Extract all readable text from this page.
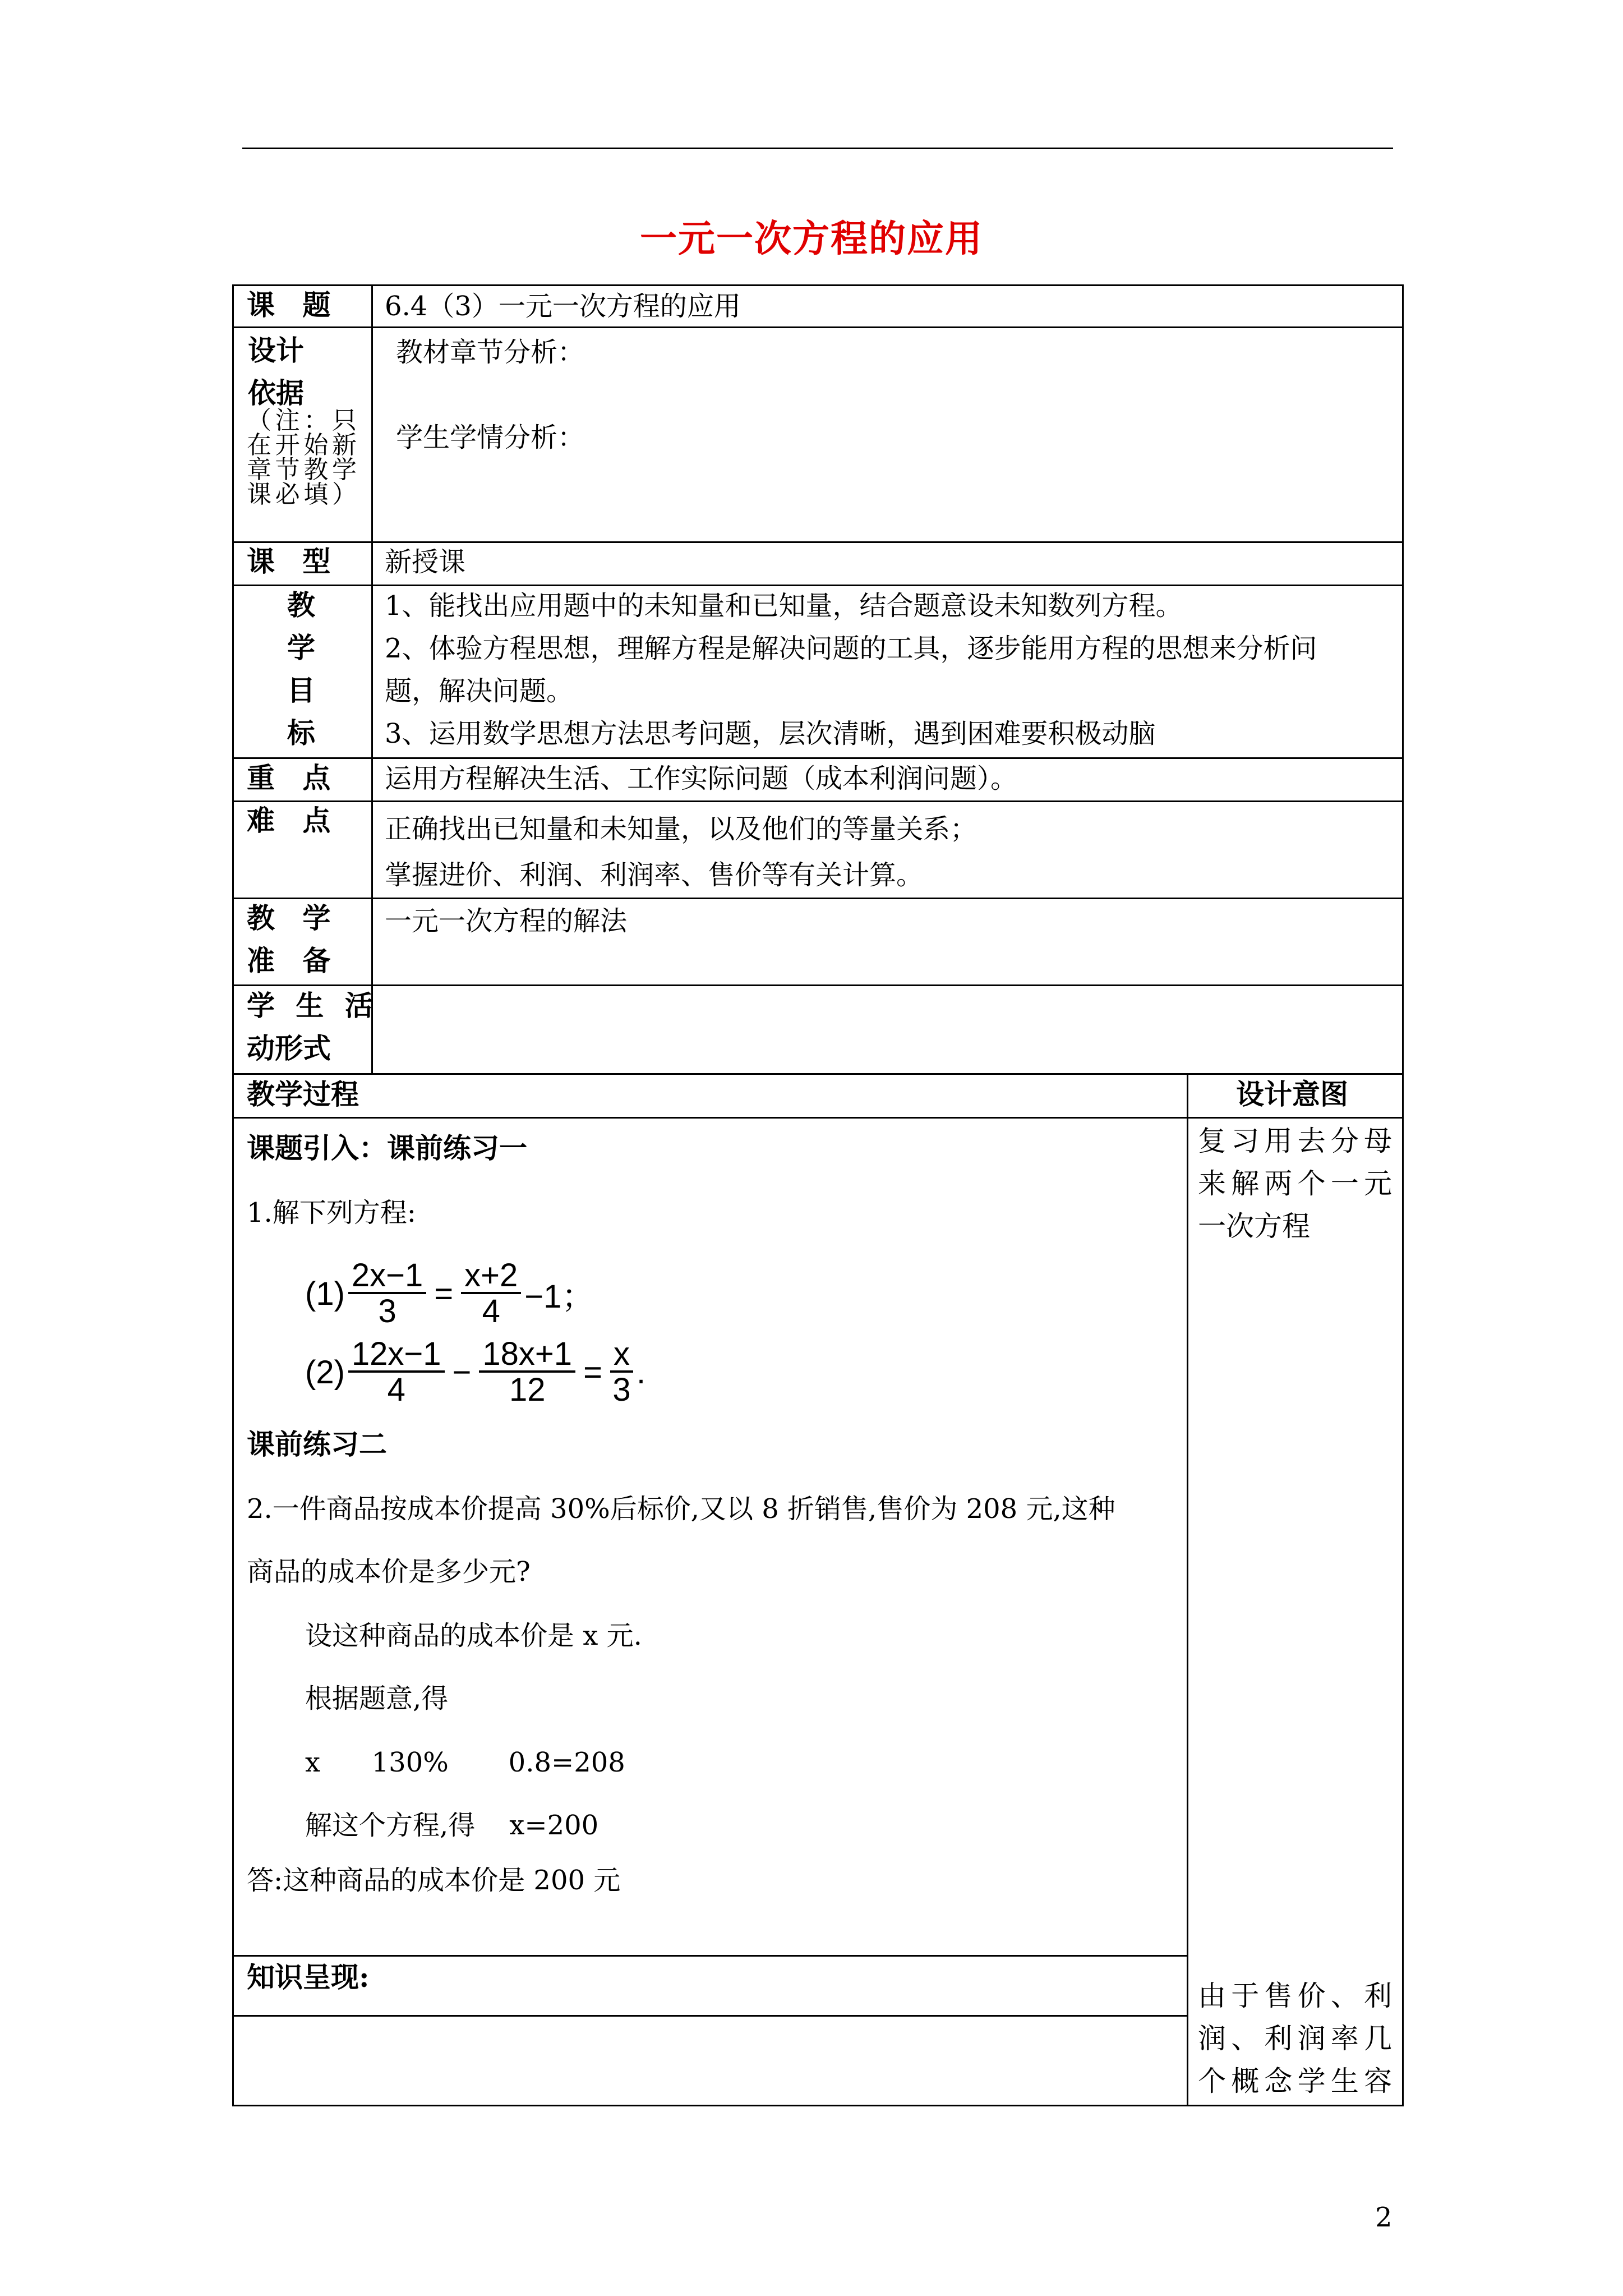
一元一次方程的应用
课 题 6.4（3）一元一次方程的应用
设计
依据
（注：只在开始新章节教学课必填）
教材章节分析：
学生学情分析：
课 型 新授课
教
学
目
标
1、能找出应用题中的未知量和已知量，结合题意设未知数列方程。
2、体验方程思想，理解方程是解决问题的工具，逐步能用方程的思想来分析问
题，解决问题。
3、运用数学思想方法思考问题，层次清晰，遇到困难要积极动脑
重 点 运用方程解决生活、工作实际问题（成本利润问题）。
难 点 正确找出已知量和未知量，以及他们的等量关系；
掌握进价、利润、利润率、售价等有关计算。
教 学
准 备
一元一次方程的解法
学 生 活
动形式
教学过程	设计意图
课题引入：课前练习一
1.解下列方程:
$(1) \frac{2x-1}{3} = \frac{x+2}{4} -1$；
$(2) \frac{12x-1}{4} - \frac{18x+1}{12} = \frac{x}{3}$ .
课前练习二
2.一件商品按成本价提高 30%后标价,又以 8 折销售,售价为 208 元,这种
商品的成本价是多少元?
设这种商品的成本价是 x 元.
根据题意,得
x      130%       0.8=208
解这个方程,得    x=200
答:这种商品的成本价是 200 元
知识呈现:
复习用去分母
来解两个一元
一次方程
由于售价、利
润、利润率几
个概念学生容
2
